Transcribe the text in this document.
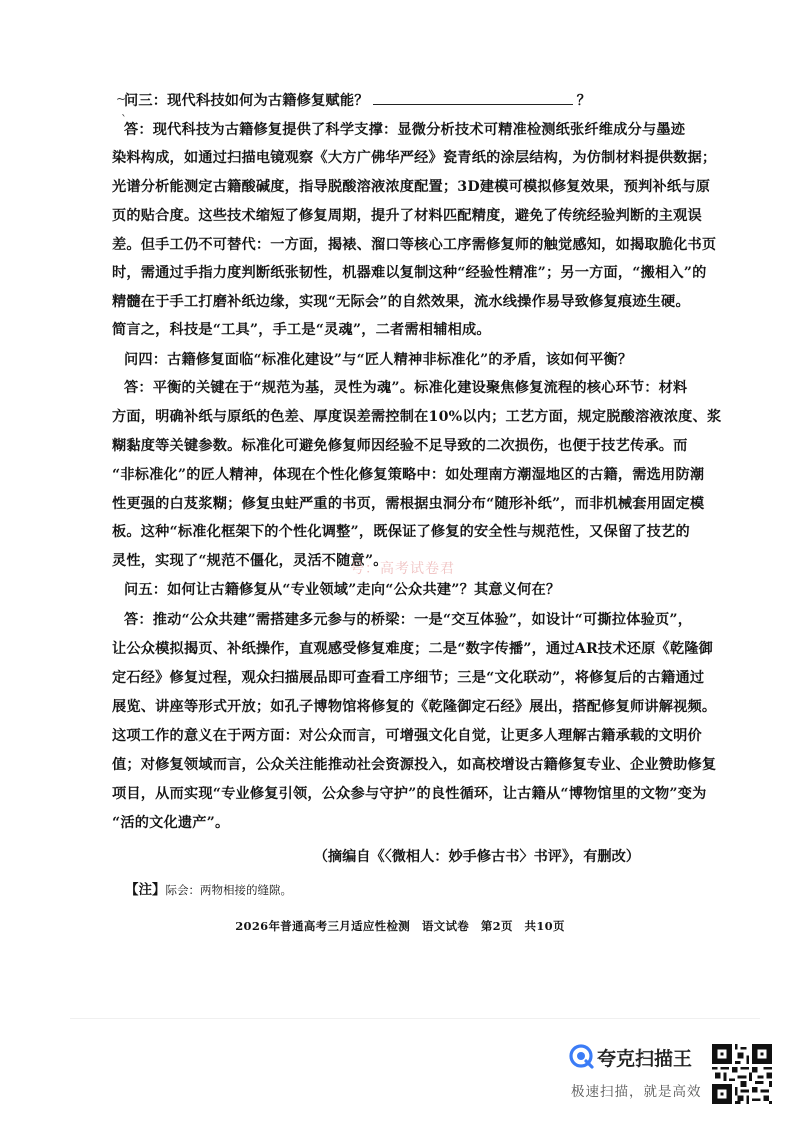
~
`
问三：现代科技如何为古籍修复赋能？	？
答：现代科技为古籍修复提供了科学支撑：显微分析技术可精准检测纸张纤维成分与墨迹
染料构成，如通过扫描电镜观察《大方广佛华严经》瓷青纸的涂层结构，为仿制材料提供数据；
光谱分析能测定古籍酸碱度，指导脱酸溶液浓度配置；3D建模可模拟修复效果，预判补纸与原
页的贴合度。这些技术缩短了修复周期，提升了材料匹配精度，避免了传统经验判断的主观误
差。但手工仍不可替代：一方面，揭裱、溜口等核心工序需修复师的触觉感知，如揭取脆化书页
时，需通过手指力度判断纸张韧性，机器难以复制这种“经验性精准”；另一方面，“搬相入”的
精髓在于手工打磨补纸边缘，实现“无际会”的自然效果，流水线操作易导致修复痕迹生硬。
简言之，科技是“工具”，手工是“灵魂”，二者需相辅相成。
问四：古籍修复面临“标准化建设”与“匠人精神非标准化”的矛盾，该如何平衡？
答：平衡的关键在于“规范为基，灵性为魂”。标准化建设聚焦修复流程的核心环节：材料
方面，明确补纸与原纸的色差、厚度误差需控制在10%以内；工艺方面，规定脱酸溶液浓度、浆
糊黏度等关键参数。标准化可避免修复师因经验不足导致的二次损伤，也便于技艺传承。而
“非标准化”的匠人精神，体现在个性化修复策略中：如处理南方潮湿地区的古籍，需选用防潮
性更强的白芨浆糊；修复虫蛀严重的书页，需根据虫洞分布“随形补纸”，而非机械套用固定模
板。这种“标准化框架下的个性化调整”，既保证了修复的安全性与规范性，又保留了技艺的
灵性，实现了“规范不僵化，灵活不随意”。
号：高考试卷君
问五：如何让古籍修复从“专业领域”走向“公众共建”？其意义何在？
答：推动“公众共建”需搭建多元参与的桥梁：一是“交互体验”，如设计“可撕拉体验页”，
让公众模拟揭页、补纸操作，直观感受修复难度；二是“数字传播”，通过AR技术还原《乾隆御
定石经》修复过程，观众扫描展品即可查看工序细节；三是“文化联动”，将修复后的古籍通过
展览、讲座等形式开放；如孔子博物馆将修复的《乾隆御定石经》展出，搭配修复师讲解视频。
这项工作的意义在于两方面：对公众而言，可增强文化自觉，让更多人理解古籍承载的文明价
值；对修复领域而言，公众关注能推动社会资源投入，如高校增设古籍修复专业、企业赞助修复
项目，从而实现“专业修复引领，公众参与守护”的良性循环，让古籍从“博物馆里的文物”变为
“活的文化遗产”。
（摘编自《〈微相人：妙手修古书〉书评》，有删改）
【注】际会：两物相接的缝隙。
2026年普通高考三月适应性检测　语文试卷　第2页　共10页
夸克扫描王
极速扫描，就是高效
